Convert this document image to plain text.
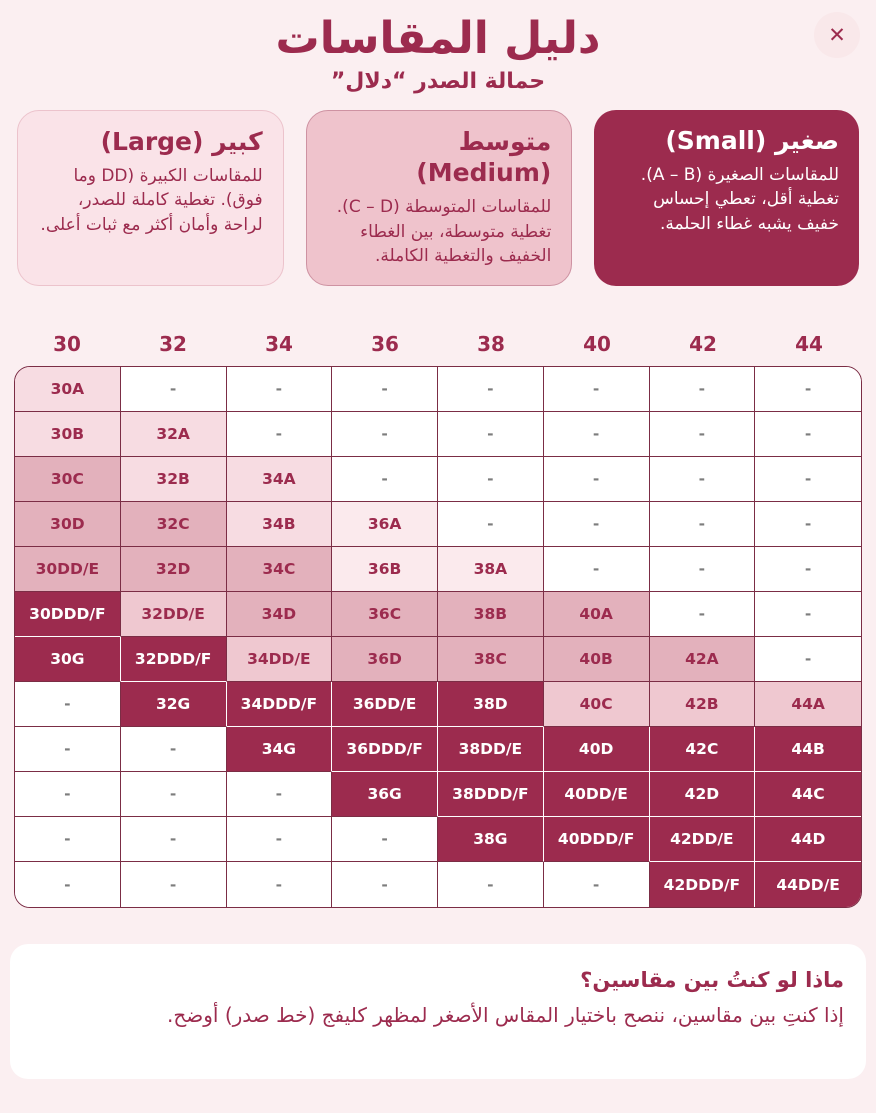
دليل المقاسات
حمالة الصدر “دلال”
✕
صغير (Small)

للمقاسات الصغيرة (A – B). تغطية أقل، تعطي إحساس خفيف يشبه غطاء الحلمة.

متوسط (Medium)

للمقاسات المتوسطة (C – D). تغطية متوسطة، بين الغطاء الخفيف والتغطية الكاملة.

كبير (Large)

للمقاسات الكبيرة (DD وما فوق). تغطية كاملة للصدر، لراحة وأمان أكثر مع ثبات أعلى.

30	32	34	36	38	40	42	44
30A	-	-	-	-	-	-	-
30B	32A	-	-	-	-	-	-
30C	32B	34A	-	-	-	-	-
30D	32C	34B	36A	-	-	-	-
30DD/E	32D	34C	36B	38A	-	-	-
30DDD/F	32DD/E	34D	36C	38B	40A	-	-
30G	32DDD/F	34DD/E	36D	38C	40B	42A	-
-	32G	34DDD/F	36DD/E	38D	40C	42B	44A
-	-	34G	36DDD/F	38DD/E	40D	42C	44B
-	-	-	36G	38DDD/F	40DD/E	42D	44C
-	-	-	-	38G	40DDD/F	42DD/E	44D
-	-	-	-	-	-	42DDD/F	44DD/E
ماذا لو كنتُ بين مقاسين؟

إذا كنتِ بين مقاسين، ننصح باختيار المقاس الأصغر لمظهر كليفج (خط صدر) أوضح.
